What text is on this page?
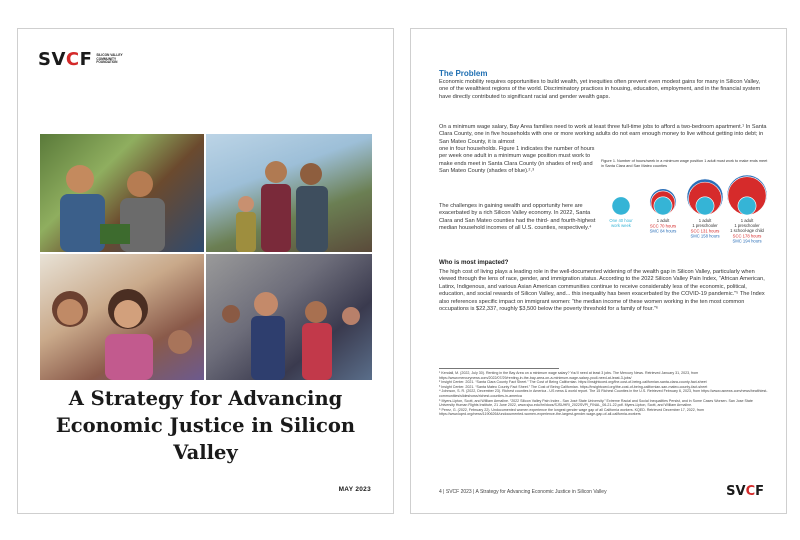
SVCF SILICON VALLEY COMMUNITY FOUNDATION
A Strategy for Advancing Economic Justice in Silicon Valley
MAY 2023
The Problem

Economic mobility requires opportunities to build wealth, yet inequities often prevent even modest gains for many in Silicon Valley, one of the wealthiest regions of the world. Discriminatory practices in housing, education, employment, and in the financial system have directly contributed to significant racial and gender wealth gaps.

On a minimum wage salary, Bay Area families need to work at least three full-time jobs to afford a two-bedroom apartment.¹ In Santa Clara County, one in five households with one or more working adults do not earn enough money to live without getting into debt; in San Mateo County, it is almost

one in four households. Figure 1 indicates the number of hours per week one adult in a minimum wage position must work to make ends meet in Santa Clara County (in shades of red) and San Mateo County (shades of blue).²˒³

The challenges in gaining wealth and opportunity here are exacerbated by a rich Silicon Valley economy. In 2022, Santa Clara and San Mateo counties had the third- and fourth-highest median household incomes of all U.S. counties, respectively.⁴

Figure 1. Number of hours/week in a minimum wage position 1 adult must work to make ends meet in Santa Clara and San Mateo counties
One 40 hour work week
1 adult
SCC 70 hours
SMC 84 hours
1 adult 1 preschooler
SCC 131 hours
SMC 158 hours
1 adult 1 preschooler 1 school-age child
SCC 178 hours
SMC 194 hours
Who is most impacted?

The high cost of living plays a leading role in the well-documented widening of the wealth gap in Silicon Valley, particularly when viewed through the lens of race, gender, and immigration status. According to the 2022 Silicon Valley Pain Index, “African American, Latinx, Indigenous, and various Asian American communities continue to receive considerably less of the economic, political, education, and social rewards of Silicon Valley, and... this inequality has been exacerbated by the COVID-19 pandemic.”⁵ The Index also references specific impact on immigrant women: “the median income of these women working in the ten most common occupations is $22,337, roughly $3,500 below the poverty threshold for a family of four.”⁶

¹ Kendall, M. (2022, July 30). Renting in the Bay Area on a minimum wage salary? You'll need at least 3 jobs. The Mercury News. Retrieved January 31, 2023, from https://www.mercurynews.com/2022/07/29/renting-in-the-bay-area-on-a-minimum-wage-salary-youll-need-at-least-3-jobs/
² Insight Center. 2021. “Santa Clara County Fact Sheet.” The Cost of Being Californian. https://insightcced.org/the-cost-of-being-californian-santa-clara-county-fact-sheet
³ Insight Center. 2021. “Santa Mateo County Fact Sheet.” The Cost of Being Californian. https://insightcced.org/the-cost-of-being-californian-san-mateo-county-fact-sheet
⁴ Johnson, S. R. (2022, December 23). Richest counties in America - US news & world report. The 15 Richest Counties in the U.S. Retrieved February 6, 2023, from https://www.usnews.com/news/healthiest-communities/slideshows/richest-counties-in-america
⁵ Myers-Lipton, Scott, and William Armaline. “2022 Silicon Valley Pain Index - San José State University.” Extreme Racial and Social Inequalities Persist, and in Some Cases Worsen. San Jose State University Human Rights Institute, 21 June 2022, www.sjsu.edu/hri/docs/SJSUHRI_2022SVPI_FINAL_06-21-22.pdf. Myers-Lipton, Scott, and William Armaline.
⁶ Perez, G. (2022, February 22). Undocumented women experience the longest gender wage gap of all California workers. KQED. Retrieved December 17, 2022, from https://www.kqed.org/news/11906264/undocumented-women-experience-the-largest-gender-wage-gap-of-all-california-workers
4 | SVCF 2023 | A Strategy for Advancing Economic Justice in Silicon Valley	SVCF
